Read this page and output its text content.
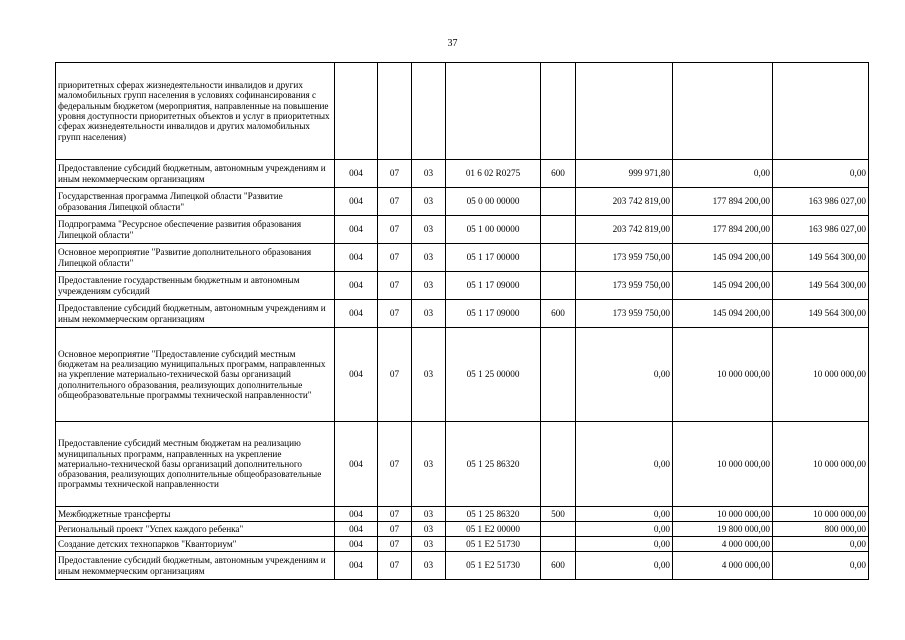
37
приоритетных сферах жизнедеятельности инвалидов и других маломобильных групп населения в условиях софинансирования с федеральным бюджетом (мероприятия, направленные на повышение уровня доступности приоритетных объектов и услуг в приоритетных сферах жизнедеятельности инвалидов и других маломобильных групп населения)								
Предоставление субсидий бюджетным, автономным учреждениям и иным некоммерческим организациям	004	07	03	01 6 02 R0275	600	999 971,80	0,00	0,00
Государственная программа Липецкой области "Развитие образования Липецкой области"	004	07	03	05 0 00 00000		203 742 819,00	177 894 200,00	163 986 027,00
Подпрограмма "Ресурсное обеспечение развития образования Липецкой области"	004	07	03	05 1 00 00000		203 742 819,00	177 894 200,00	163 986 027,00
Основное мероприятие "Развитие дополнительного образования Липецкой области"	004	07	03	05 1 17 00000		173 959 750,00	145 094 200,00	149 564 300,00
Предоставление государственным бюджетным и автономным учреждениям субсидий	004	07	03	05 1 17 09000		173 959 750,00	145 094 200,00	149 564 300,00
Предоставление субсидий бюджетным, автономным учреждениям и иным некоммерческим организациям	004	07	03	05 1 17 09000	600	173 959 750,00	145 094 200,00	149 564 300,00
Основное мероприятие "Предоставление субсидий местным бюджетам на реализацию муниципальных программ, направленных на укрепление материально-технической базы организаций дополнительного образования, реализующих дополнительные общеобразовательные программы технической направленности"	004	07	03	05 1 25 00000		0,00	10 000 000,00	10 000 000,00
Предоставление субсидий местным бюджетам на реализацию муниципальных программ, направленных на укрепление материально-технической базы организаций дополнительного образования, реализующих дополнительные общеобразовательные программы технической направленности	004	07	03	05 1 25 86320		0,00	10 000 000,00	10 000 000,00
Межбюджетные трансферты	004	07	03	05 1 25 86320	500	0,00	10 000 000,00	10 000 000,00
Региональный проект "Успех каждого ребенка"	004	07	03	05 1 E2 00000		0,00	19 800 000,00	800 000,00
Создание детских технопарков "Кванториум"	004	07	03	05 1 E2 51730		0,00	4 000 000,00	0,00
Предоставление субсидий бюджетным, автономным учреждениям и иным некоммерческим организациям	004	07	03	05 1 E2 51730	600	0,00	4 000 000,00	0,00
